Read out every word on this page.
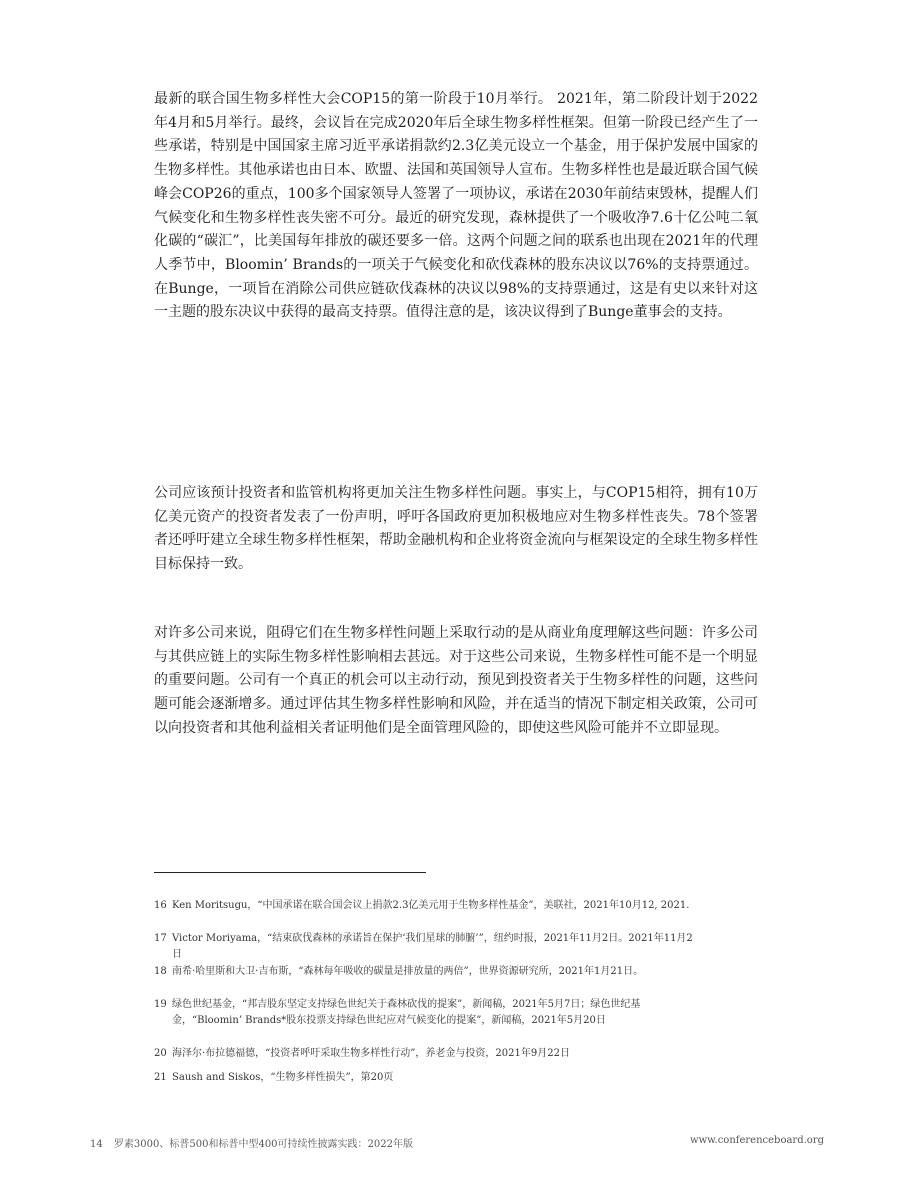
最新的联合国生物多样性大会COP15的第一阶段于10月举行。 2021年，第二阶段计划于2022年4月和5月举行。最终，会议旨在完成2020年后全球生物多样性框架。但第一阶段已经产生了一些承诺，特别是中国国家主席习近平承诺捐款约2.3亿美元设立一个基金，用于保护发展中国家的生物多样性。其他承诺也由日本、欧盟、法国和英国领导人宣布。生物多样性也是最近联合国气候峰会COP26的重点，100多个国家领导人签署了一项协议，承诺在2030年前结束毁林，提醒人们气候变化和生物多样性丧失密不可分。最近的研究发现，森林提供了一个吸收净7.6十亿公吨二氧化碳的“碳汇”，比美国每年排放的碳还要多一倍。这两个问题之间的联系也出现在2021年的代理人季节中，Bloomin’ Brands的一项关于气候变化和砍伐森林的股东决议以76%的支持票通过。在Bunge，一项旨在消除公司供应链砍伐森林的决议以98%的支持票通过，这是有史以来针对这一主题的股东决议中获得的最高支持票。值得注意的是，该决议得到了Bunge董事会的支持。

公司应该预计投资者和监管机构将更加关注生物多样性问题。事实上，与COP15相符，拥有10万亿美元资产的投资者发表了一份声明，呼吁各国政府更加积极地应对生物多样性丧失。78个签署者还呼吁建立全球生物多样性框架，帮助金融机构和企业将资金流向与框架设定的全球生物多样性目标保持一致。

对许多公司来说，阻碍它们在生物多样性问题上采取行动的是从商业角度理解这些问题：许多公司与其供应链上的实际生物多样性影响相去甚远。对于这些公司来说，生物多样性可能不是一个明显的重要问题。公司有一个真正的机会可以主动行动，预见到投资者关于生物多样性的问题，这些问题可能会逐渐增多。通过评估其生物多样性影响和风险，并在适当的情况下制定相关政策，公司可以向投资者和其他利益相关者证明他们是全面管理风险的，即使这些风险可能并不立即显现。

16 Ken Moritsugu，“中国承诺在联合国会议上捐款2.3亿美元用于生物多样性基金”，美联社，2021年10月12, 2021.
17 Victor Moriyama，“结束砍伐森林的承诺旨在保护‘我们星球的肺腑’”，纽约时报，2021年11月2日。2021年11月2日
18 南希·哈里斯和大卫·吉布斯，“森林每年吸收的碳量是排放量的两倍”，世界资源研究所，2021年1月21日。
19 绿色世纪基金，“邦吉股东坚定支持绿色世纪关于森林砍伐的提案”，新闻稿，2021年5月7日；绿色世纪基金，“Bloomin’ Brands*股东投票支持绿色世纪应对气候变化的提案”，新闻稿，2021年5月20日
20 海泽尔·布拉德福德，“投资者呼吁采取生物多样性行动”，养老金与投资，2021年9月22日
21 Saush and Siskos，“生物多样性损失”，第20页
14 罗素3000、标普500和标普中型400可持续性披露实践：2022年版	www.conferenceboard.org
